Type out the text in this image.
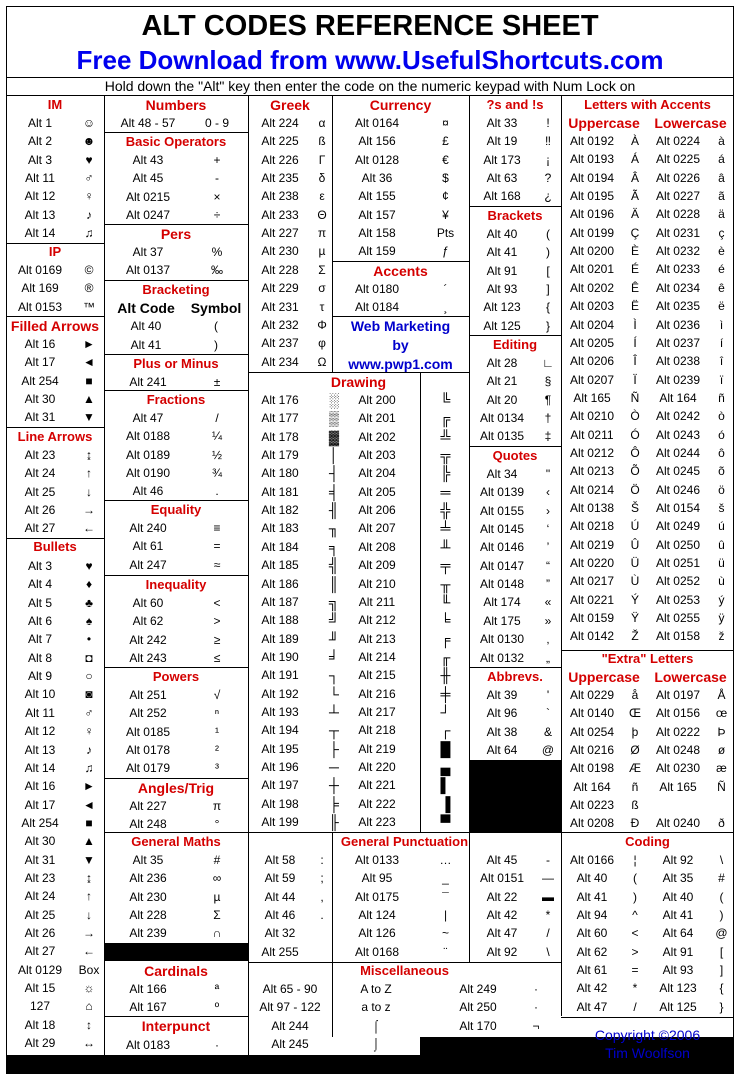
ALT CODES REFERENCE SHEET
Free Download from www.UsefulShortcuts.com
Hold down the "Alt" key then enter the code on the numeric keypad with Num Lock on
IM
Alt 1	☺
Alt 2	☻
Alt 3	♥
Alt 11	♂
Alt 12	♀
Alt 13	♪
Alt 14	♫
IP
Alt 0169	©
Alt 169	®
Alt 0153	™
Filled Arrows
Alt 16	►
Alt 17	◄
Alt 254	■
Alt 30	▲
Alt 31	▼
Line Arrows
Alt 23	↨
Alt 24	↑
Alt 25	↓
Alt 26	→
Alt 27	←
Bullets
Alt 3	♥
Alt 4	♦
Alt 5	♣
Alt 6	♠
Alt 7	•
Alt 8	◘
Alt 9	○
Alt 10	◙
Alt 11	♂
Alt 12	♀
Alt 13	♪
Alt 14	♫
Alt 16	►
Alt 17	◄
Alt 254	■
Alt 30	▲
Alt 31	▼
Alt 23	↨
Alt 24	↑
Alt 25	↓
Alt 26	→
Alt 27	←
Alt 0129	Box
Alt 15	☼
127	⌂
Alt 18	↕
Alt 29	↔
Numbers
Alt 48 - 57	0 - 9
Basic Operators
Alt 43	+
Alt 45	-
Alt 0215	×
Alt 0247	÷
Pers
Alt 37	%
Alt 0137	‰
Bracketing
Alt Code	Symbol
Alt 40	(
Alt 41	)
Plus or Minus
Alt 241	±
Fractions
Alt 47	/
Alt 0188	¼
Alt 0189	½
Alt 0190	¾
Alt 46	.
Equality
Alt 240	≡
Alt 61	=
Alt 247	≈
Inequality
Alt 60	<
Alt 62	>
Alt 242	≥
Alt 243	≤
Powers
Alt 251	√
Alt 252	ⁿ
Alt 0185	¹
Alt 0178	²
Alt 0179	³
Angles/Trig
Alt 227	π
Alt 248	°
General Maths
Alt 35	#
Alt 236	∞
Alt 230	µ
Alt 228	Σ
Alt 239	∩
Cardinals
Alt 166	ª
Alt 167	º
Interpunct
Alt 0183	·
Greek
Alt 224	α
Alt 225	ß
Alt 226	Γ
Alt 235	δ
Alt 238	ε
Alt 233	Θ
Alt 227	π
Alt 230	µ
Alt 228	Σ
Alt 229	σ
Alt 231	τ
Alt 232	Φ
Alt 237	φ
Alt 234	Ω
Currency
Alt 0164	¤
Alt 156	£
Alt 0128	€
Alt 36	$
Alt 155	¢
Alt 157	¥
Alt 158	Pts
Alt 159	ƒ
Accents
Alt 0180	´
Alt 0184	¸
Web Marketing
by
www.pwp1.com
Drawing
Alt 176	░	Alt 200	╚
Alt 177	▒	Alt 201	╔
Alt 178	▓	Alt 202	╩
Alt 179	│	Alt 203	╦
Alt 180	┤	Alt 204	╠
Alt 181	╡	Alt 205	═
Alt 182	╢	Alt 206	╬
Alt 183	╖	Alt 207	╧
Alt 184	╕	Alt 208	╨
Alt 185	╣	Alt 209	╤
Alt 186	║	Alt 210	╥
Alt 187	╗	Alt 211	╙
Alt 188	╝	Alt 212	╘
Alt 189	╜	Alt 213	╒
Alt 190	╛	Alt 214	╓
Alt 191	┐	Alt 215	╫
Alt 192	└	Alt 216	╪
Alt 193	┴	Alt 217	┘
Alt 194	┬	Alt 218	┌
Alt 195	├	Alt 219	█
Alt 196	─	Alt 220	▄
Alt 197	┼	Alt 221	▌
Alt 198	╞	Alt 222	▐
Alt 199	╟	Alt 223	▀
?s and !s
Alt 33	!
Alt 19	‼
Alt 173	¡
Alt 63	?
Alt 168	¿
Brackets
Alt 40	(
Alt 41	)
Alt 91	[
Alt 93	]
Alt 123	{
Alt 125	}
Editing
Alt 28	∟
Alt 21	§
Alt 20	¶
Alt 0134	†
Alt 0135	‡
Quotes
Alt 34	"
Alt 0139	‹
Alt 0155	›
Alt 0145	‘
Alt 0146	’
Alt 0147	“
Alt 0148	”
Alt 174	«
Alt 175	»
Alt 0130	‚
Alt 0132	„
Abbrevs.
Alt 39	'
Alt 96	`
Alt 38	&
Alt 64	@
General Punctuation
Alt 58	:	Alt 0133	…	Alt 45	-
Alt 59	;	Alt 95	_	Alt 0151	—
Alt 44	,	Alt 0175	¯	Alt 22	▬
Alt 46	.	Alt 124	|	Alt 42	*
Alt 32	Alt 126	~	Alt 47	/
Alt 255	Alt 0168	¨	Alt 92	\
Miscellaneous
Alt 65 - 90	A to Z	Alt 249	·
Alt 97 - 122	a to z	Alt 250	·
Alt 244	⌠	Alt 170	¬
Alt 245	⌡
Letters with Accents
Uppercase	Lowercase
Alt 0192	À	Alt 0224	à
Alt 0193	Á	Alt 0225	á
Alt 0194	Â	Alt 0226	â
Alt 0195	Ã	Alt 0227	ã
Alt 0196	Ä	Alt 0228	ä
Alt 0199	Ç	Alt 0231	ç
Alt 0200	È	Alt 0232	è
Alt 0201	É	Alt 0233	é
Alt 0202	Ê	Alt 0234	ê
Alt 0203	Ë	Alt 0235	ë
Alt 0204	Ì	Alt 0236	ì
Alt 0205	Í	Alt 0237	í
Alt 0206	Î	Alt 0238	î
Alt 0207	Ï	Alt 0239	ï
Alt 165	Ñ	Alt 164	ñ
Alt 0210	Ò	Alt 0242	ò
Alt 0211	Ó	Alt 0243	ó
Alt 0212	Ô	Alt 0244	ô
Alt 0213	Õ	Alt 0245	õ
Alt 0214	Ö	Alt 0246	ö
Alt 0138	Š	Alt 0154	š
Alt 0218	Ú	Alt 0249	ú
Alt 0219	Û	Alt 0250	û
Alt 0220	Ü	Alt 0251	ü
Alt 0217	Ù	Alt 0252	ù
Alt 0221	Ý	Alt 0253	ý
Alt 0159	Ÿ	Alt 0255	ÿ
Alt 0142	Ž	Alt 0158	ž
"Extra" Letters
Uppercase	Lowercase
Alt 0229	å	Alt 0197	Å
Alt 0140	Œ	Alt 0156	œ
Alt 0254	þ	Alt 0222	Þ
Alt 0216	Ø	Alt 0248	ø
Alt 0198	Æ	Alt 0230	æ
Alt 164	ñ	Alt 165	Ñ
Alt 0223	ß
Alt 0208	Đ	Alt 0240	ð
Coding
Alt 0166	¦	Alt 92	\
Alt 40	(	Alt 35	#
Alt 41	)	Alt 40	(
Alt 94	^	Alt 41	)
Alt 60	<	Alt 64	@
Alt 62	>	Alt 91	[
Alt 61	=	Alt 93	]
Alt 42	*	Alt 123	{
Alt 47	/	Alt 125	}
Copyright ©2006
Tim Woolfson
